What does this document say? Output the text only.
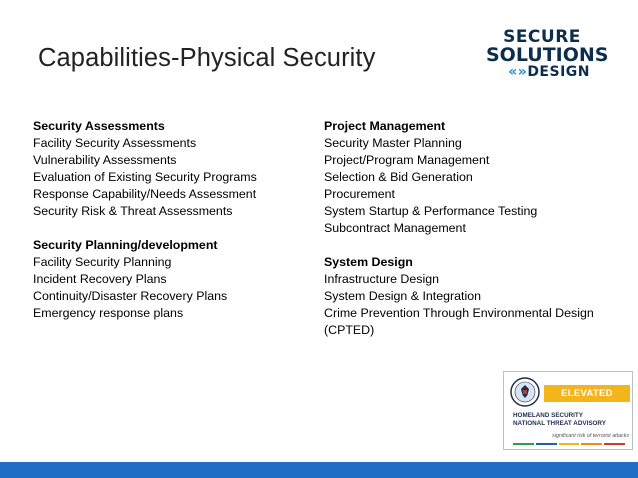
Capabilities-Physical Security
SECURE
SOLUTIONS
«»DESIGN
Security Assessments
Facility Security Assessments
Vulnerability Assessments
Evaluation of Existing Security Programs
Response Capability/Needs Assessment
Security Risk & Threat Assessments
Security Planning/development
Facility Security Planning
Incident Recovery Plans
Continuity/Disaster Recovery Plans
Emergency response plans
Project Management
Security Master Planning
Project/Program Management
Selection & Bid Generation
Procurement
System Startup & Performance Testing
Subcontract Management
System Design
Infrastructure Design
System Design & Integration
Crime Prevention Through Environmental Design (CPTED)
ELEVATED
HOMELAND SECURITY
NATIONAL THREAT ADVISORY
significant risk of terrorist attacks
